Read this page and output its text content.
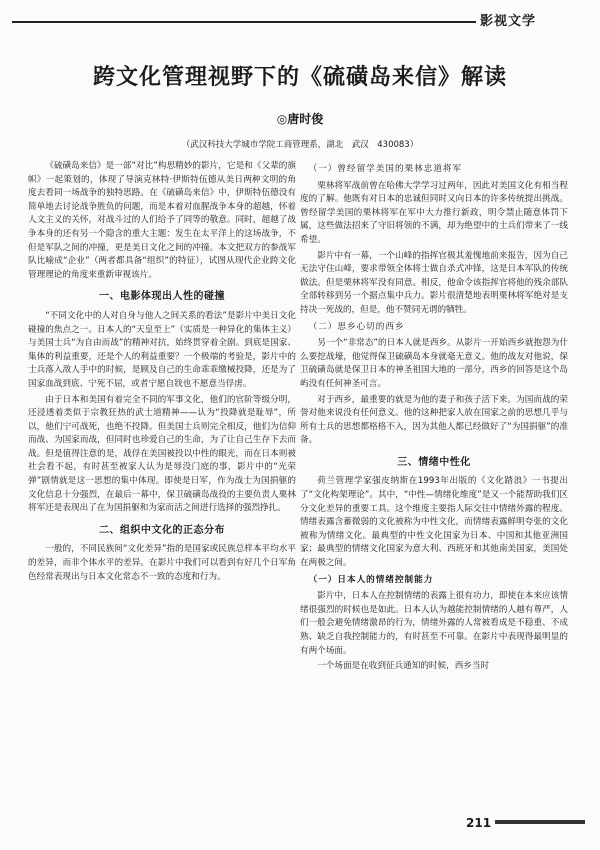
影视文学
跨文化管理视野下的《硫磺岛来信》解读
◎唐时俊
（武汉科技大学城市学院工商管理系，湖北　武汉　430083）

《硫磺岛来信》是一部“对比”构思精妙的影片，它是和《父辈的旗帜》一起策划的，体现了导演克林特·伊斯特伍德从美日两种文明的角度去看同一场战争的独特思路。在《硫磺岛来信》中，伊斯特伍德没有简单地去讨论战争胜负的问题，而是本着对血腥战争本身的超越，怀着人文主义的关怀，对战斗过的人们给予了同等的敬意。同时，超越了战争本身的还有另一个隐含的重大主题：发生在太平洋上的这场战争，不但是军队之间的冲撞，更是美日文化之间的冲撞。本文把双方的参战军队比喻成“企业”（两者都具备“组织”的特征），试图从现代企业跨文化管理理论的角度来重新审视该片。

一、电影体现出人性的碰撞

“不同文化中的人对自身与他人之间关系的看法”是影片中美日文化碰撞的焦点之一。日本人的“天皇至上”（实质是一种异化的集体主义）与美国士兵“为自由而战”的精神对抗，始终贯穿着全剧。到底是国家、集体的利益重要，还是个人的利益重要？一个极端的考验是，影片中的士兵落入敌人手中的时候，是顾及自己的生命乖乖缴械投降，还是为了国家血战到底、宁死不屈，或者宁愿自戕也不愿意当俘虏。

由于日本和美国有着完全不同的军事文化，他们的官阶等级分明，还浸透着类似于宗教狂热的武士道精神——认为“投降就是耻辱”，所以，他们宁可战死，也绝不投降。但美国士兵则完全相反，他们为信仰而战、为国家而战，但同时也珍爱自己的生命，为了让自己生存下去而战。但是值得注意的是，战俘在美国被投以中性的眼光，而在日本则被社会看不起，有时甚至被家人认为是辱没门庭的事，影片中的“光荣弹”剧情就是这一思想的集中体现。即使是日军，作为战士为国捐躯的文化信息十分强烈，在最后一幕中，保卫硫磺岛战役的主要负责人栗林将军还是表现出了在为国捐躯和为家而活之间进行选择的强烈挣扎。

二、组织中文化的正态分布

一般的，不同民族间“文化差异”指的是国家或民族总样本平均水平的差异，而非个体水平的差异。在影片中我们可以看到有好几个日军角色经常表现出与日本文化常态不一致的态度和行为。

（一）曾经留学美国的栗林忠道将军

栗林将军战前曾在哈佛大学学习过两年，因此对美国文化有相当程度的了解。他既有对日本的忠诚但同时又向日本的许多传统提出挑战。曾经留学美国的栗林将军在军中大力推行新政，明令禁止随意体罚下属，这些做法招来了守旧将领的不满，却为绝望中的士兵们带来了一线希望。

影片中有一幕，一个山峰的指挥官极其羞愧地前来报告，因为自己无法守住山峰，要求带领全体将士做自杀式冲锋，这是日本军队的传统做法。但是栗林将军没有同意。相反，他命令该指挥官将他的残余部队全部转移到另一个据点集中兵力。影片很清楚地表明栗林将军绝对是支持决一死战的，但是，他不赞同无谓的牺牲。

（二）思乡心切的西乡

另一个“非常态”的日本人就是西乡。从影片一开始西乡就抱怨为什么要挖战壕，他觉得保卫硫磺岛本身就毫无意义。他的战友对他说，保卫硫磺岛就是保卫日本的神圣祖国大地的一部分，西乡的回答是这个岛屿没有任何神圣可言。

对于西乡，最重要的就是为他的妻子和孩子活下来。为国而战的荣誉对他来说没有任何意义。他的这种把家人放在国家之前的思想几乎与所有士兵的思想都格格不入，因为其他人都已经做好了“为国捐躯”的准备。

三、情绪中性化

荷兰管理学家强皮纳斯在1993年出版的《文化踏浪》一书提出了“文化构架理论”。其中，“中性—情绪化维度”是又一个能帮助我们区分文化差异的重要工具。这个维度主要指人际交往中情绪外露的程度。情绪表露含蓄微弱的文化被称为中性文化，而情绪表露鲜明夸张的文化被称为情绪文化。最典型的中性文化国家为日本、中国和其他亚洲国家；最典型的情绪文化国家为意大利、西班牙和其他南美国家，美国处在两极之间。

（一）日本人的情绪控制能力

影片中，日本人在控制情绪的表露上很有功力，即使在本来应该情绪很强烈的时候也是如此。日本人认为越能控制情绪的人越有尊严，人们一般会避免情绪激昂的行为，情绪外露的人常被看成是不稳重、不成熟、缺乏自我控制能力的，有时甚至不可靠。在影片中表现得最明显的有两个场面。

一个场面是在收到征兵通知的时候，西乡当时

211
